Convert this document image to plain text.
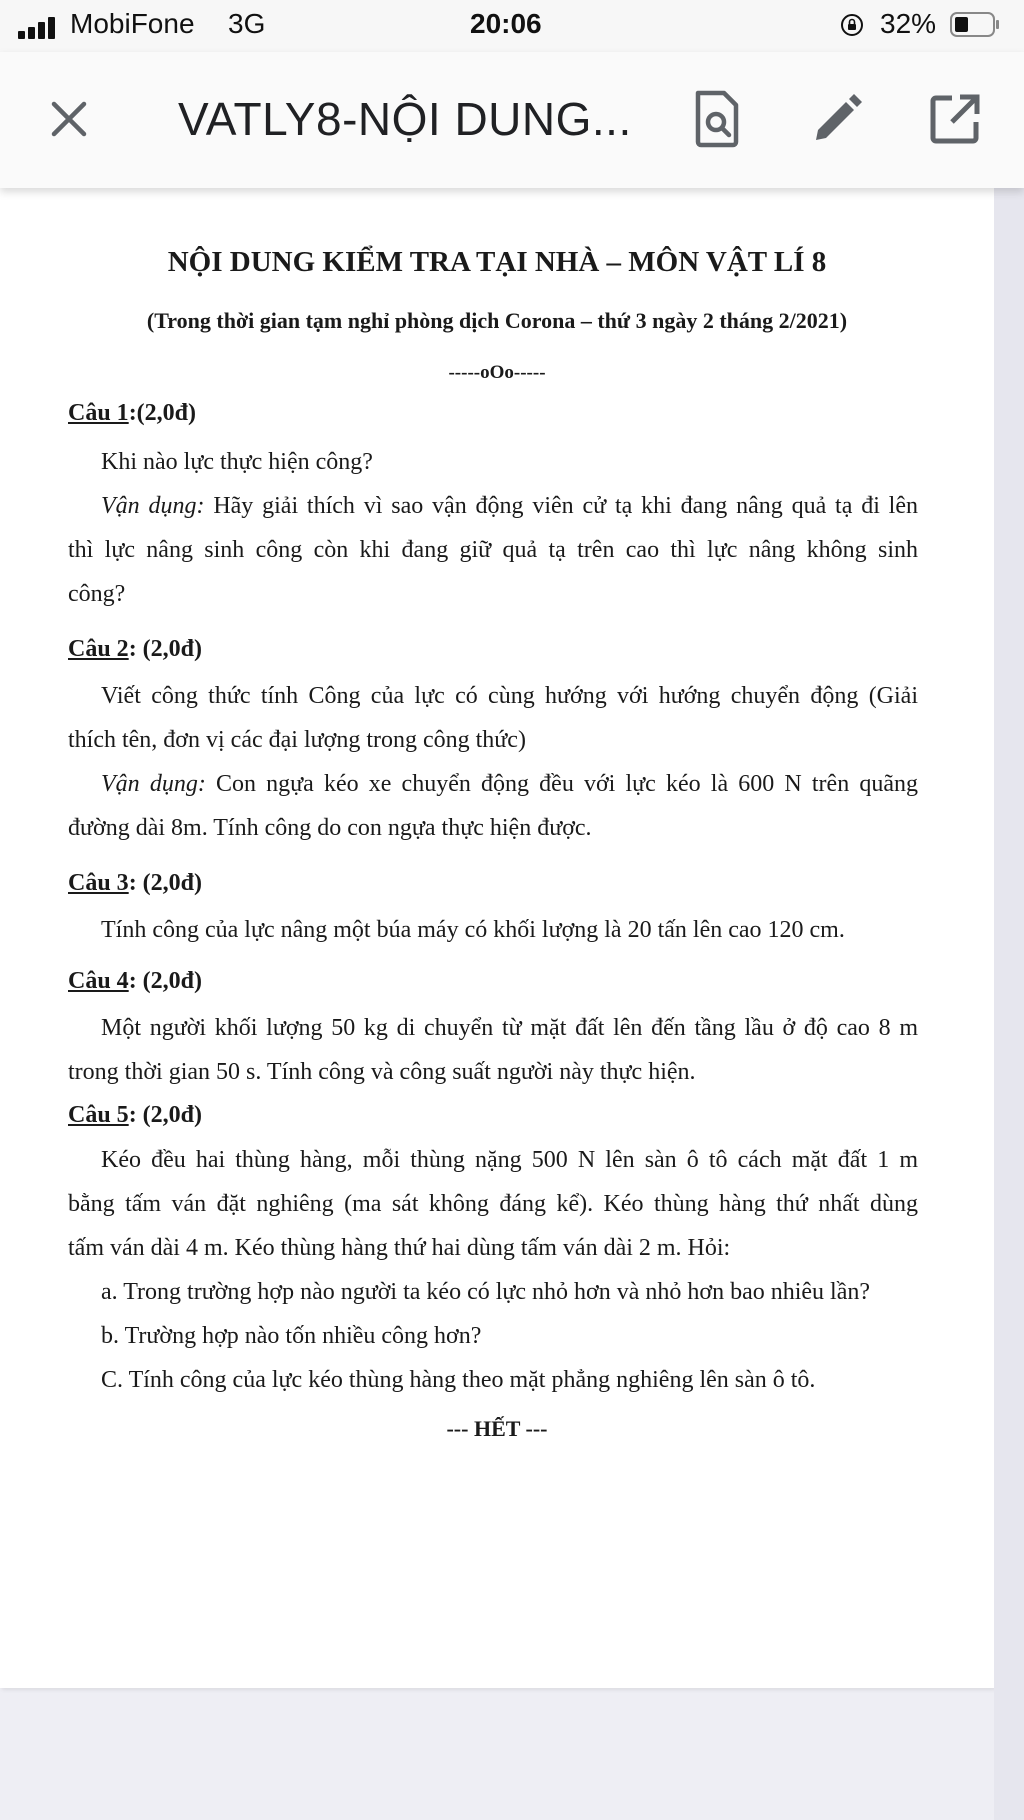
MobiFone 3G	20:06	32%
VATLY8-NỘI DUNG...
NỘI DUNG KIỂM TRA TẠI NHÀ – MÔN VẬT LÍ 8
(Trong thời gian tạm nghỉ phòng dịch Corona – thứ 3 ngày 2 tháng 2/2021)
-----oOo-----
Câu 1:(2,0đ)
Khi nào lực thực hiện công?
Vận dụng: Hãy giải thích vì sao vận động viên cử tạ khi đang nâng quả tạ đi lên
thì lực nâng sinh công còn khi đang giữ quả tạ trên cao thì lực nâng không sinh
công?
Câu 2: (2,0đ)
Viết công thức tính Công của lực có cùng hướng với hướng chuyển động (Giải
thích tên, đơn vị các đại lượng trong công thức)
Vận dụng: Con ngựa kéo xe chuyển động đều với lực kéo là 600 N trên quãng
đường dài 8m. Tính công do con ngựa thực hiện được.
Câu 3: (2,0đ)
Tính công của lực nâng một búa máy có khối lượng là 20 tấn lên cao 120 cm.
Câu 4: (2,0đ)
Một người khối lượng 50 kg di chuyển từ mặt đất lên đến tầng lầu ở độ cao 8 m
trong thời gian 50 s. Tính công và công suất người này thực hiện.
Câu 5: (2,0đ)
Kéo đều hai thùng hàng, mỗi thùng nặng 500 N lên sàn ô tô cách mặt đất 1 m
bằng tấm ván đặt nghiêng (ma sát không đáng kể). Kéo thùng hàng thứ nhất dùng
tấm ván dài 4 m. Kéo thùng hàng thứ hai dùng tấm ván dài 2 m. Hỏi:
a. Trong trường hợp nào người ta kéo có lực nhỏ hơn và nhỏ hơn bao nhiêu lần?
b. Trường hợp nào tốn nhiều công hơn?
C. Tính công của lực kéo thùng hàng theo mặt phẳng nghiêng lên sàn ô tô.
--- HẾT ---
